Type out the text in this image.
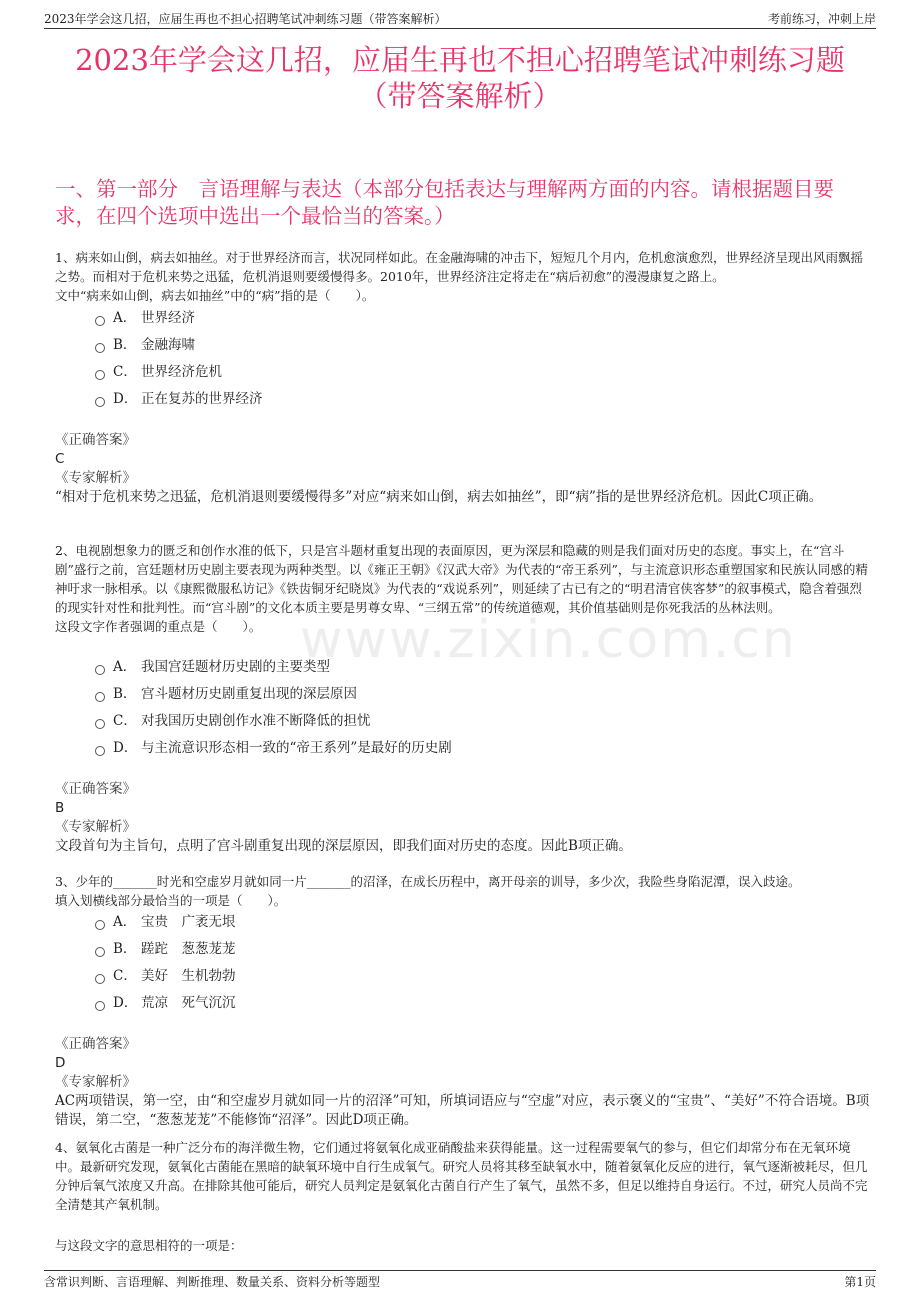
2023年学会这几招，应届生再也不担心招聘笔试冲刺练习题（带答案解析）	考前练习，冲刺上岸
www.zixin.com.cn
2023年学会这几招，应届生再也不担心招聘笔试冲刺练习题
（带答案解析）
一、第一部分　言语理解与表达（本部分包括表达与理解两方面的内容。请根据题目要求，在四个选项中选出一个最恰当的答案。）

1、病来如山倒，病去如抽丝。对于世界经济而言，状况同样如此。在金融海啸的冲击下，短短几个月内，危机愈演愈烈，世界经济呈现出风雨飘摇之势。而相对于危机来势之迅猛，危机消退则要缓慢得多。2010年，世界经济注定将走在“病后初愈”的漫漫康复之路上。

文中“病来如山倒，病去如抽丝”中的“病”指的是（　　）。

A． 世界经济
B． 金融海啸
C． 世界经济危机
D． 正在复苏的世界经济
《正确答案》
C
《专家解析》
“相对于危机来势之迅猛，危机消退则要缓慢得多”对应“病来如山倒，病去如抽丝”，即“病”指的是世界经济危机。因此C项正确。

2、电视剧想象力的匮乏和创作水准的低下，只是宫斗题材重复出现的表面原因，更为深层和隐藏的则是我们面对历史的态度。事实上，在“宫斗剧”盛行之前，宫廷题材历史剧主要表现为两种类型。以《雍正王朝》《汉武大帝》为代表的“帝王系列”，与主流意识形态重塑国家和民族认同感的精神吁求一脉相承。以《康熙微服私访记》《铁齿铜牙纪晓岚》为代表的“戏说系列”，则延续了古已有之的“明君清官侠客梦”的叙事模式，隐含着强烈的现实针对性和批判性。而“宫斗剧”的文化本质主要是男尊女卑、“三纲五常”的传统道德观，其价值基础则是你死我活的丛林法则。

这段文字作者强调的重点是（　　）。

A． 我国宫廷题材历史剧的主要类型
B． 宫斗题材历史剧重复出现的深层原因
C． 对我国历史剧创作水准不断降低的担忧
D． 与主流意识形态相一致的“帝王系列”是最好的历史剧
《正确答案》
B
《专家解析》
文段首句为主旨句，点明了宫斗剧重复出现的深层原因，即我们面对历史的态度。因此B项正确。

3、少年的_______时光和空虚岁月就如同一片_______的沼泽，在成长历程中，离开母亲的训导，多少次，我险些身陷泥潭，误入歧途。

填入划横线部分最恰当的一项是（　　）。

A． 宝贵　广袤无垠
B． 蹉跎　葱葱茏茏
C． 美好　生机勃勃
D． 荒凉　死气沉沉
《正确答案》
D
《专家解析》
AC两项错误，第一空，由“和空虚岁月就如同一片的沼泽”可知，所填词语应与“空虚”对应，表示褒义的“宝贵”、“美好”不符合语境。B项错误，第二空，“葱葱茏茏”不能修饰“沼泽”。因此D项正确。

4、氨氧化古菌是一种广泛分布的海洋微生物，它们通过将氨氧化成亚硝酸盐来获得能量。这一过程需要氧气的参与，但它们却常分布在无氧环境中。最新研究发现，氨氧化古菌能在黑暗的缺氧环境中自行生成氧气。研究人员将其移至缺氧水中，随着氨氧化反应的进行，氧气逐渐被耗尽，但几分钟后氧气浓度又升高。在排除其他可能后，研究人员判定是氨氧化古菌自行产生了氧气，虽然不多，但足以维持自身运行。不过，研究人员尚不完全清楚其产氧机制。

与这段文字的意思相符的一项是：

含常识判断、言语理解、判断推理、数量关系、资料分析等题型	第1页
